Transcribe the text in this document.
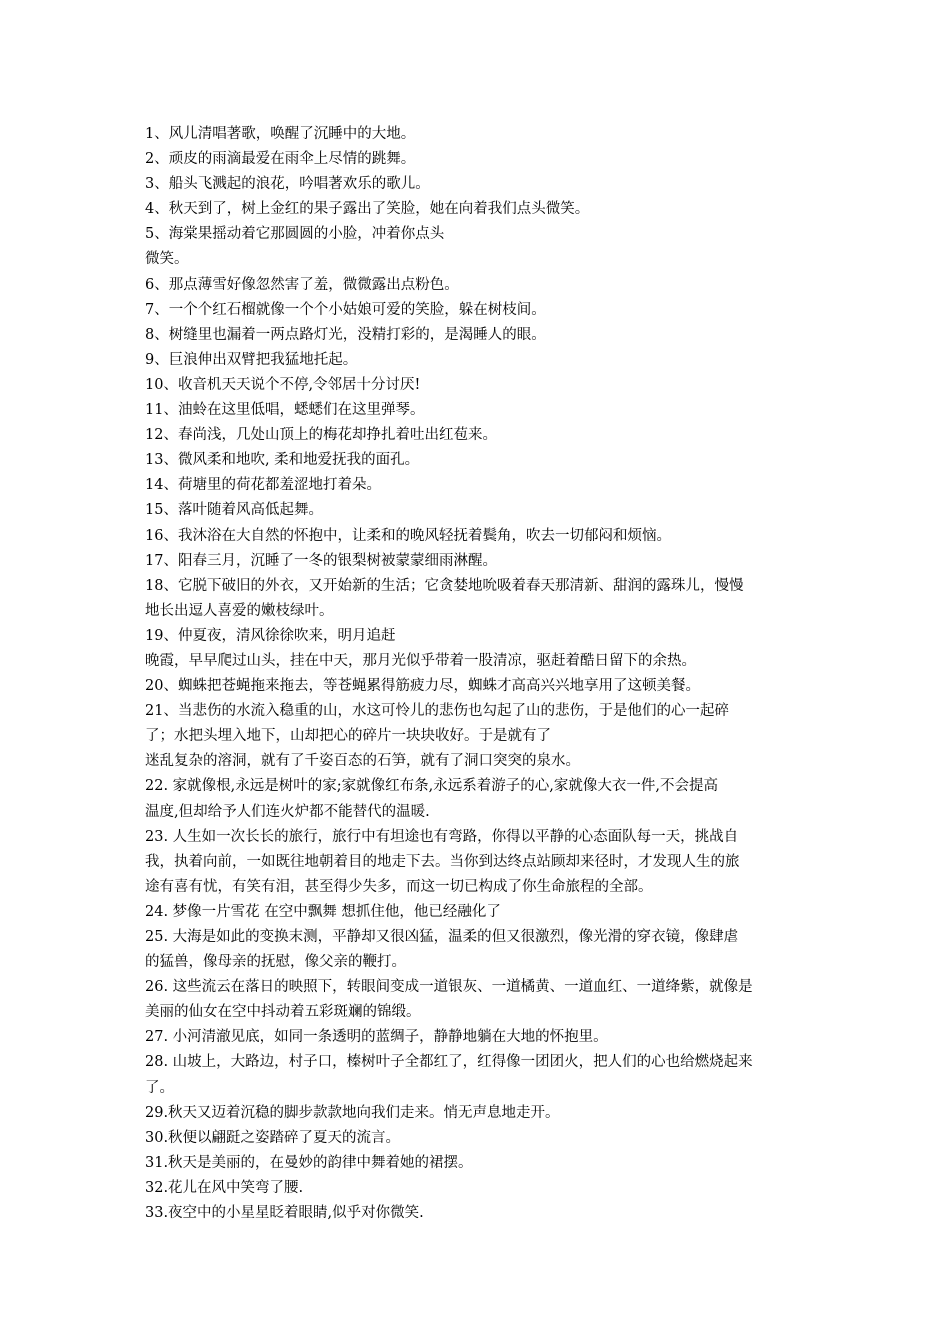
1、风儿清唱著歌，唤醒了沉睡中的大地。
2、顽皮的雨滴最爱在雨伞上尽情的跳舞。
3、船头飞溅起的浪花，吟唱著欢乐的歌儿。
4、秋天到了，树上金红的果子露出了笑脸，她在向着我们点头微笑。
5、海棠果摇动着它那圆圆的小脸，冲着你点头
微笑。
6、那点薄雪好像忽然害了羞，微微露出点粉色。
7、一个个红石榴就像一个个小姑娘可爱的笑脸，躲在树枝间。
8、树缝里也漏着一两点路灯光，没精打彩的，是渴睡人的眼。
9、巨浪伸出双臂把我猛地托起。
10、收音机天天说个不停,令邻居十分讨厌!
11、油蛉在这里低唱，蟋蟋们在这里弹琴。
12、春尚浅，几处山顶上的梅花却挣扎着吐出红苞来。
13、微风柔和地吹, 柔和地爱抚我的面孔。
14、荷塘里的荷花都羞涩地打着朵。
15、落叶随着风高低起舞。
16、我沐浴在大自然的怀抱中，让柔和的晚风轻抚着鬓角，吹去一切郁闷和烦恼。
17、阳春三月，沉睡了一冬的银梨树被蒙蒙细雨淋醒。
18、它脱下破旧的外衣，又开始新的生活；它贪婪地吮吸着春天那清新、甜润的露珠儿，慢慢
地长出逗人喜爱的嫩枝绿叶。
19、仲夏夜，清风徐徐吹来，明月追赶
晚霞，早早爬过山头，挂在中天，那月光似乎带着一股清凉，驱赶着酷日留下的余热。
20、蜘蛛把苍蝇拖来拖去，等苍蝇累得筋疲力尽，蜘蛛才高高兴兴地享用了这顿美餐。
21、当悲伤的水流入稳重的山，水这可怜儿的悲伤也勾起了山的悲伤，于是他们的心一起碎
了；水把头埋入地下，山却把心的碎片一块块收好。于是就有了
迷乱复杂的溶洞，就有了千姿百态的石笋，就有了洞口突突的泉水。
22. 家就像根,永远是树叶的家;家就像红布条,永远系着游子的心,家就像大衣一件,不会提高
温度,但却给予人们连火炉都不能替代的温暖.
23. 人生如一次长长的旅行，旅行中有坦途也有弯路，你得以平静的心态面队每一天，挑战自
我，执着向前，一如既往地朝着目的地走下去。当你到达终点站顾却来径时，才发现人生的旅
途有喜有忧，有笑有泪，甚至得少失多，而这一切已构成了你生命旅程的全部。
24. 梦像一片雪花 在空中飘舞 想抓住他，他已经融化了
25. 大海是如此的变换末测，平静却又很凶猛，温柔的但又很激烈，像光滑的穿衣镜，像肆虐
的猛兽，像母亲的抚慰，像父亲的鞭打。
26. 这些流云在落日的映照下，转眼间变成一道银灰、一道橘黄、一道血红、一道绛紫，就像是
美丽的仙女在空中抖动着五彩斑斓的锦缎。
27. 小河清澈见底，如同一条透明的蓝绸子，静静地躺在大地的怀抱里。
28. 山坡上，大路边，村子口，榛树叶子全都红了，红得像一团团火，把人们的心也给燃烧起来
了。
29.秋天又迈着沉稳的脚步款款地向我们走来。悄无声息地走开。
30.秋便以翩跹之姿踏碎了夏天的流言。
31.秋天是美丽的，在曼妙的韵律中舞着她的裙摆。
32.花儿在风中笑弯了腰.
33.夜空中的小星星眨着眼睛,似乎对你微笑.
